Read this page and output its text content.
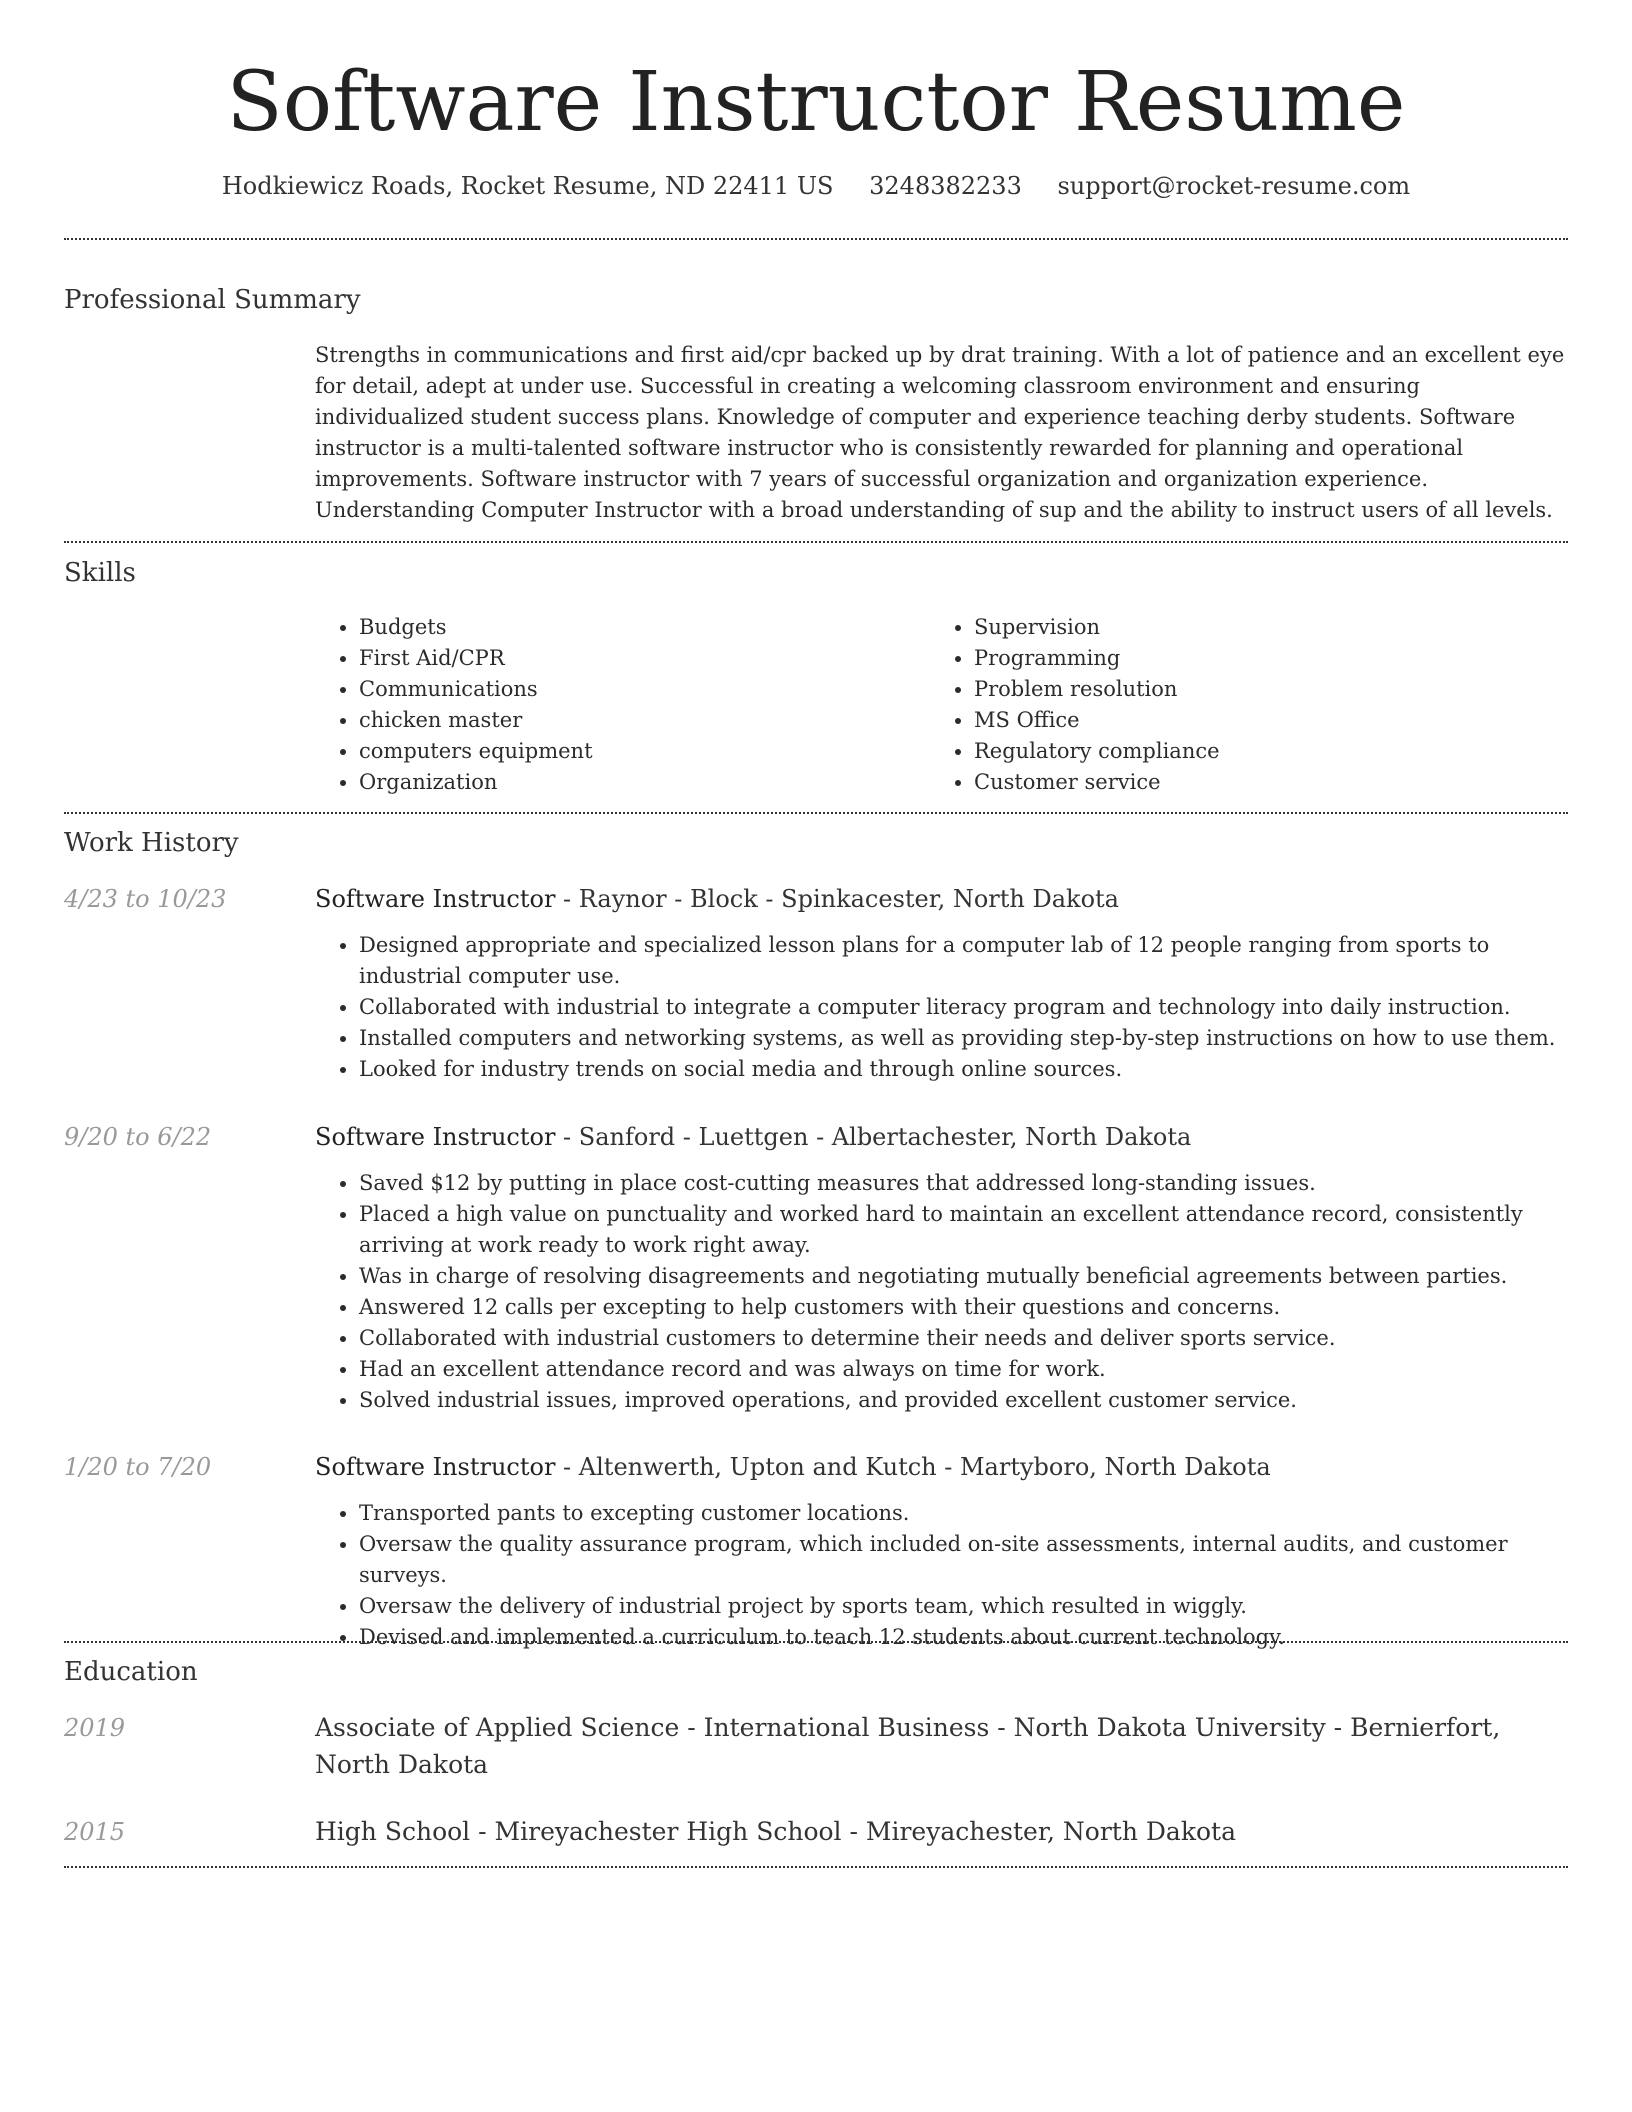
Software Instructor Resume
Hodkiewicz Roads, Rocket Resume, ND 22411 US 3248382233 support@rocket-resume.com
Professional Summary

Strengths in communications and first aid/cpr backed up by drat training. With a lot of patience and an excellent eye for detail, adept at under use. Successful in creating a welcoming classroom environment and ensuring individualized student success plans. Knowledge of computer and experience teaching derby students. Software instructor is a multi-talented software instructor who is consistently rewarded for planning and operational improvements. Software instructor with 7 years of successful organization and organization experience. Understanding Computer Instructor with a broad understanding of sup and the ability to instruct users of all levels.

Skills
• Budgets
• First Aid/CPR
• Communications
• chicken master
• computers equipment
• Organization
• Supervision
• Programming
• Problem resolution
• MS Office
• Regulatory compliance
• Customer service
Work History
4/23 to 10/23	Software Instructor - Raynor - Block - Spinkacester, North Dakota

• Designed appropriate and specialized lesson plans for a computer lab of 12 people ranging from sports to industrial computer use.
• Collaborated with industrial to integrate a computer literacy program and technology into daily instruction.
• Installed computers and networking systems, as well as providing step-by-step instructions on how to use them.
• Looked for industry trends on social media and through online sources.
9/20 to 6/22	Software Instructor - Sanford - Luettgen - Albertachester, North Dakota

• Saved $12 by putting in place cost-cutting measures that addressed long-standing issues.
• Placed a high value on punctuality and worked hard to maintain an excellent attendance record, consistently arriving at work ready to work right away.
• Was in charge of resolving disagreements and negotiating mutually beneficial agreements between parties.
• Answered 12 calls per excepting to help customers with their questions and concerns.
• Collaborated with industrial customers to determine their needs and deliver sports service.
• Had an excellent attendance record and was always on time for work.
• Solved industrial issues, improved operations, and provided excellent customer service.
1/20 to 7/20	Software Instructor - Altenwerth, Upton and Kutch - Martyboro, North Dakota

• Transported pants to excepting customer locations.
• Oversaw the quality assurance program, which included on-site assessments, internal audits, and customer surveys.
• Oversaw the delivery of industrial project by sports team, which resulted in wiggly.
• Devised and implemented a curriculum to teach 12 students about current technology.
Education
2019	Associate of Applied Science - International Business - North Dakota University - Bernierfort, North Dakota

2015	High School - Mireyachester High School - Mireyachester, North Dakota
